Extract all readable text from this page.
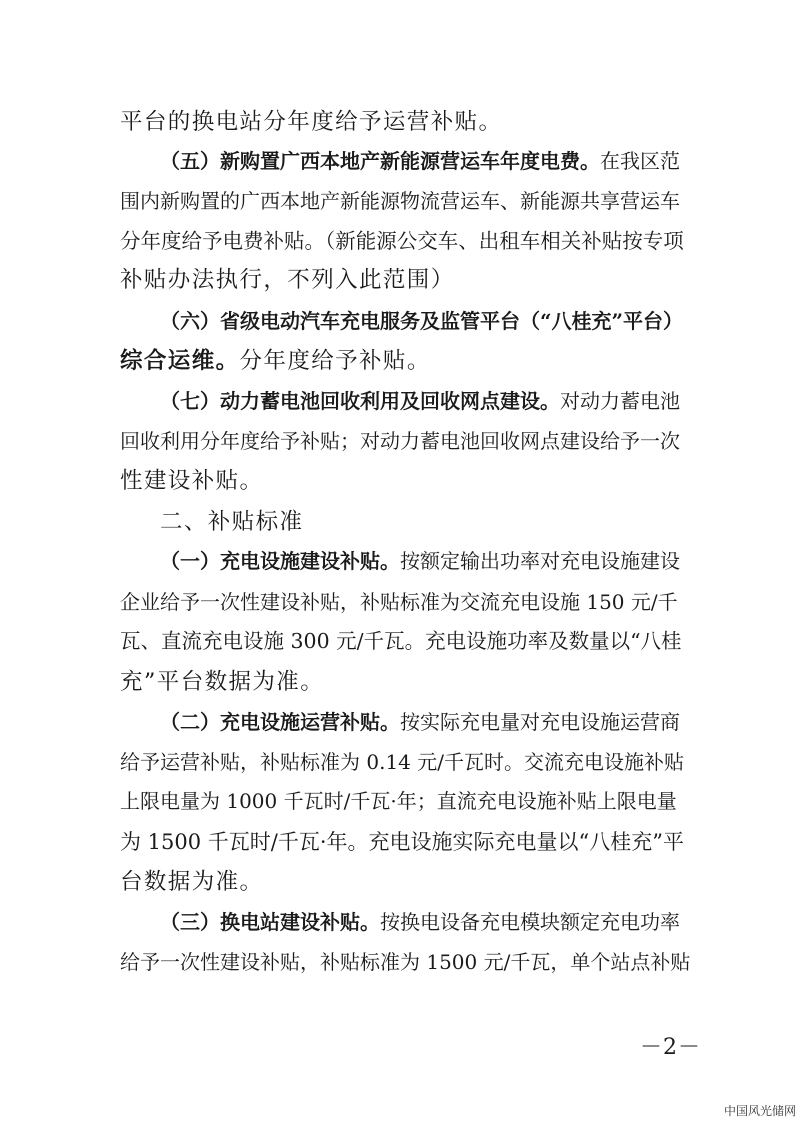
平台的换电站分年度给予运营补贴。
（五）新购置广西本地产新能源营运车年度电费。在我区范
围内新购置的广西本地产新能源物流营运车、新能源共享营运车
分年度给予电费补贴。（新能源公交车、出租车相关补贴按专项
补贴办法执行，不列入此范围）
（六）省级电动汽车充电服务及监管平台（“八桂充”平台）
综合运维。分年度给予补贴。
（七）动力蓄电池回收利用及回收网点建设。对动力蓄电池
回收利用分年度给予补贴；对动力蓄电池回收网点建设给予一次
性建设补贴。
二、补贴标准
（一）充电设施建设补贴。按额定输出功率对充电设施建设
企业给予一次性建设补贴，补贴标准为交流充电设施 150 元/千
瓦、直流充电设施 300 元/千瓦。充电设施功率及数量以“八桂
充”平台数据为准。
（二）充电设施运营补贴。按实际充电量对充电设施运营商
给予运营补贴，补贴标准为 0.14 元/千瓦时。交流充电设施补贴
上限电量为 1000 千瓦时/千瓦·年；直流充电设施补贴上限电量
为 1500 千瓦时/千瓦·年。充电设施实际充电量以“八桂充”平
台数据为准。
（三）换电站建设补贴。按换电设备充电模块额定充电功率
给予一次性建设补贴，补贴标准为 1500 元/千瓦，单个站点补贴
－2－
中国风光储网
